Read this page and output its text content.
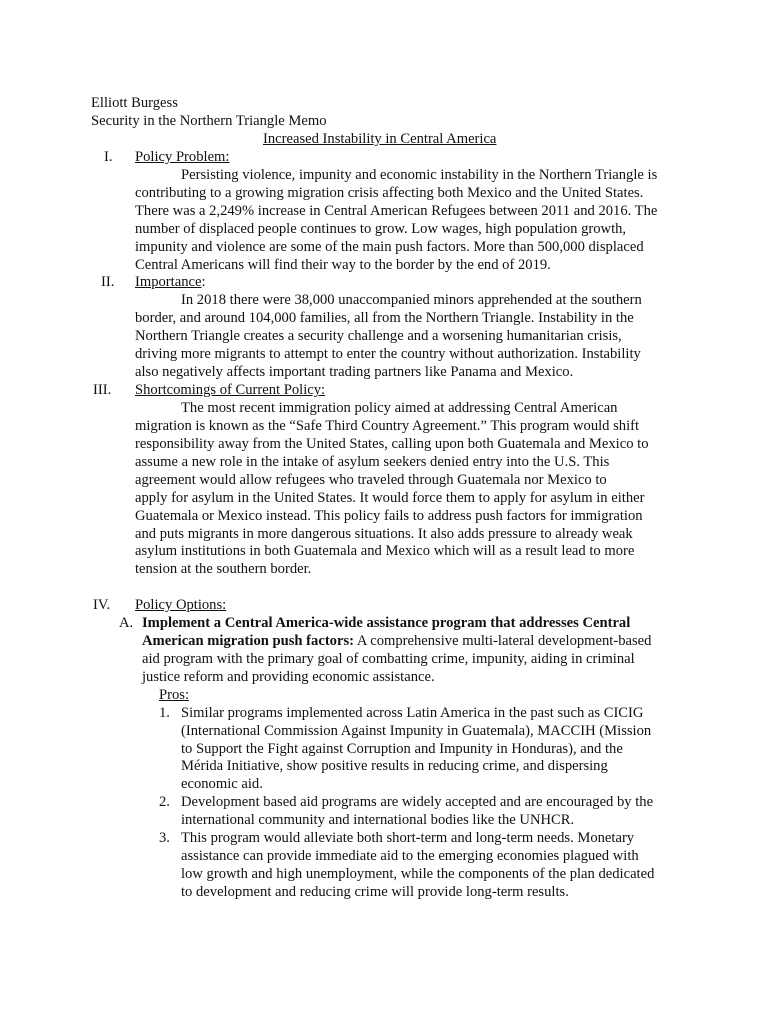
Elliott Burgess
Security in the Northern Triangle Memo
Increased Instability in Central America
I. Policy Problem:
Persisting violence, impunity and economic instability in the Northern Triangle is
contributing to a growing migration crisis affecting both Mexico and the United States.
There was a 2,249% increase in Central American Refugees between 2011 and 2016. The
number of displaced people continues to grow. Low wages, high population growth,
impunity and violence are some of the main push factors. More than 500,000 displaced
Central Americans will find their way to the border by the end of 2019.
II. Importance:
In 2018 there were 38,000 unaccompanied minors apprehended at the southern
border, and around 104,000 families, all from the Northern Triangle. Instability in the
Northern Triangle creates a security challenge and a worsening humanitarian crisis,
driving more migrants to attempt to enter the country without authorization. Instability
also negatively affects important trading partners like Panama and Mexico.
III. Shortcomings of Current Policy:
The most recent immigration policy aimed at addressing Central American
migration is known as the “Safe Third Country Agreement.” This program would shift
responsibility away from the United States, calling upon both Guatemala and Mexico to
assume a new role in the intake of asylum seekers denied entry into the U.S. This
agreement would allow refugees who traveled through Guatemala nor Mexico to
apply for asylum in the United States. It would force them to apply for asylum in either
Guatemala or Mexico instead. This policy fails to address push factors for immigration
and puts migrants in more dangerous situations. It also adds pressure to already weak
asylum institutions in both Guatemala and Mexico which will as a result lead to more
tension at the southern border.
IV. Policy Options:
A. Implement a Central America-wide assistance program that addresses Central
American migration push factors: A comprehensive multi-lateral development-based
aid program with the primary goal of combatting crime, impunity, aiding in criminal
justice reform and providing economic assistance.
Pros:
1. Similar programs implemented across Latin America in the past such as CICIG
(International Commission Against Impunity in Guatemala), MACCIH (Mission
to Support the Fight against Corruption and Impunity in Honduras), and the
Mérida Initiative, show positive results in reducing crime, and dispersing
economic aid.
2. Development based aid programs are widely accepted and are encouraged by the
international community and international bodies like the UNHCR.
3. This program would alleviate both short-term and long-term needs. Monetary
assistance can provide immediate aid to the emerging economies plagued with
low growth and high unemployment, while the components of the plan dedicated
to development and reducing crime will provide long-term results.
